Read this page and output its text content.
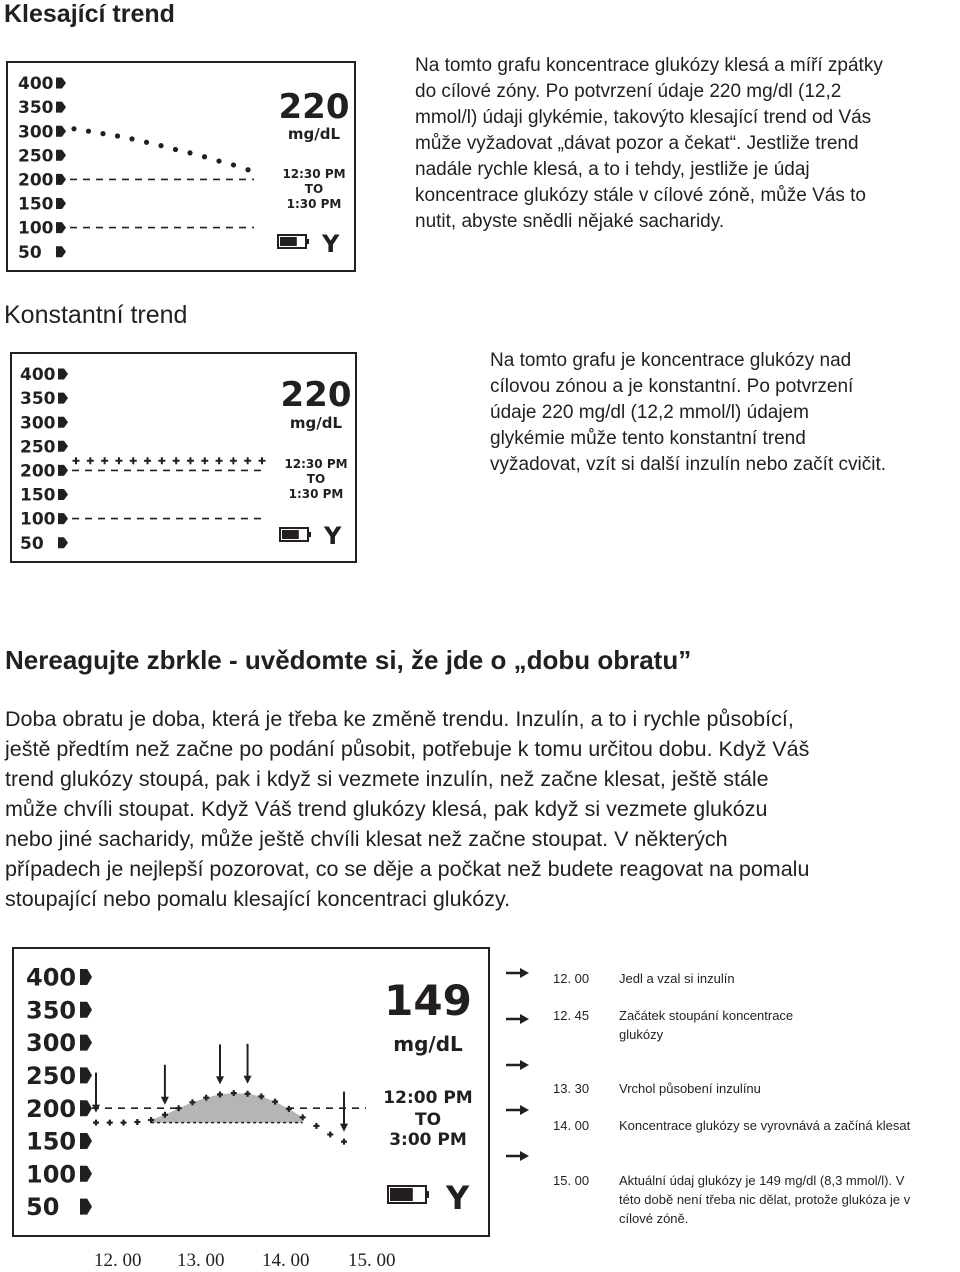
Klesající trend
400
350
300
250
200
150
100
50
220
mg/dL
12:30 PM
TO
1:30 PM
Y
Na tomto grafu koncentrace glukózy klesá a míří zpátky
do cílové zóny. Po potvrzení údaje 220 mg/dl (12,2
mmol/l) údaji glykémie, takovýto klesající trend od Vás
může vyžadovat „dávat pozor a čekat“. Jestliže trend
nadále rychle klesá, a to i tehdy, jestliže je údaj
koncentrace glukózy stále v cílové zóně, může Vás to
nutit, abyste snědli nějaké sacharidy.
Konstantní trend
400
350
300
250
200
150
100
50
220
mg/dL
12:30 PM
TO
1:30 PM
Y
Na tomto grafu je koncentrace glukózy nad
cílovou zónou a je konstantní. Po potvrzení
údaje 220 mg/dl (12,2 mmol/l) údajem
glykémie může tento konstantní trend
vyžadovat, vzít si další inzulín nebo začít cvičit.
Nereagujte zbrkle - uvědomte si, že jde o „dobu obratu”
Doba obratu je doba, která je třeba ke změně trendu. Inzulín, a to i rychle působící,
ještě předtím než začne po podání působit, potřebuje k tomu určitou dobu. Když Váš
trend glukózy stoupá, pak i když si vezmete inzulín, než začne klesat, ještě stále
může chvíli stoupat. Když Váš trend glukózy klesá, pak když si vezmete glukózu
nebo jiné sacharidy, může ještě chvíli klesat než začne stoupat. V některých
případech je nejlepší pozorovat, co se děje a počkat než budete reagovat na pomalu
stoupající nebo pomalu klesající koncentraci glukózy.
400
350
300
250
200
150
100
50
149
mg/dL
12:00 PM
TO
3:00 PM
Y
12. 00 13. 00 14. 00 15. 00
12. 00 Jedl a vzal si inzulín
12. 45 Začátek stoupání koncentrace
glukózy
13. 30 Vrchol působení inzulínu
14. 00 Koncentrace glukózy se vyrovnává a začíná klesat
15. 00 Aktuální údaj glukózy je 149 mg/dl (8,3 mmol/l). V
této době není třeba nic dělat, protože glukóza je v
cílové zóně.
